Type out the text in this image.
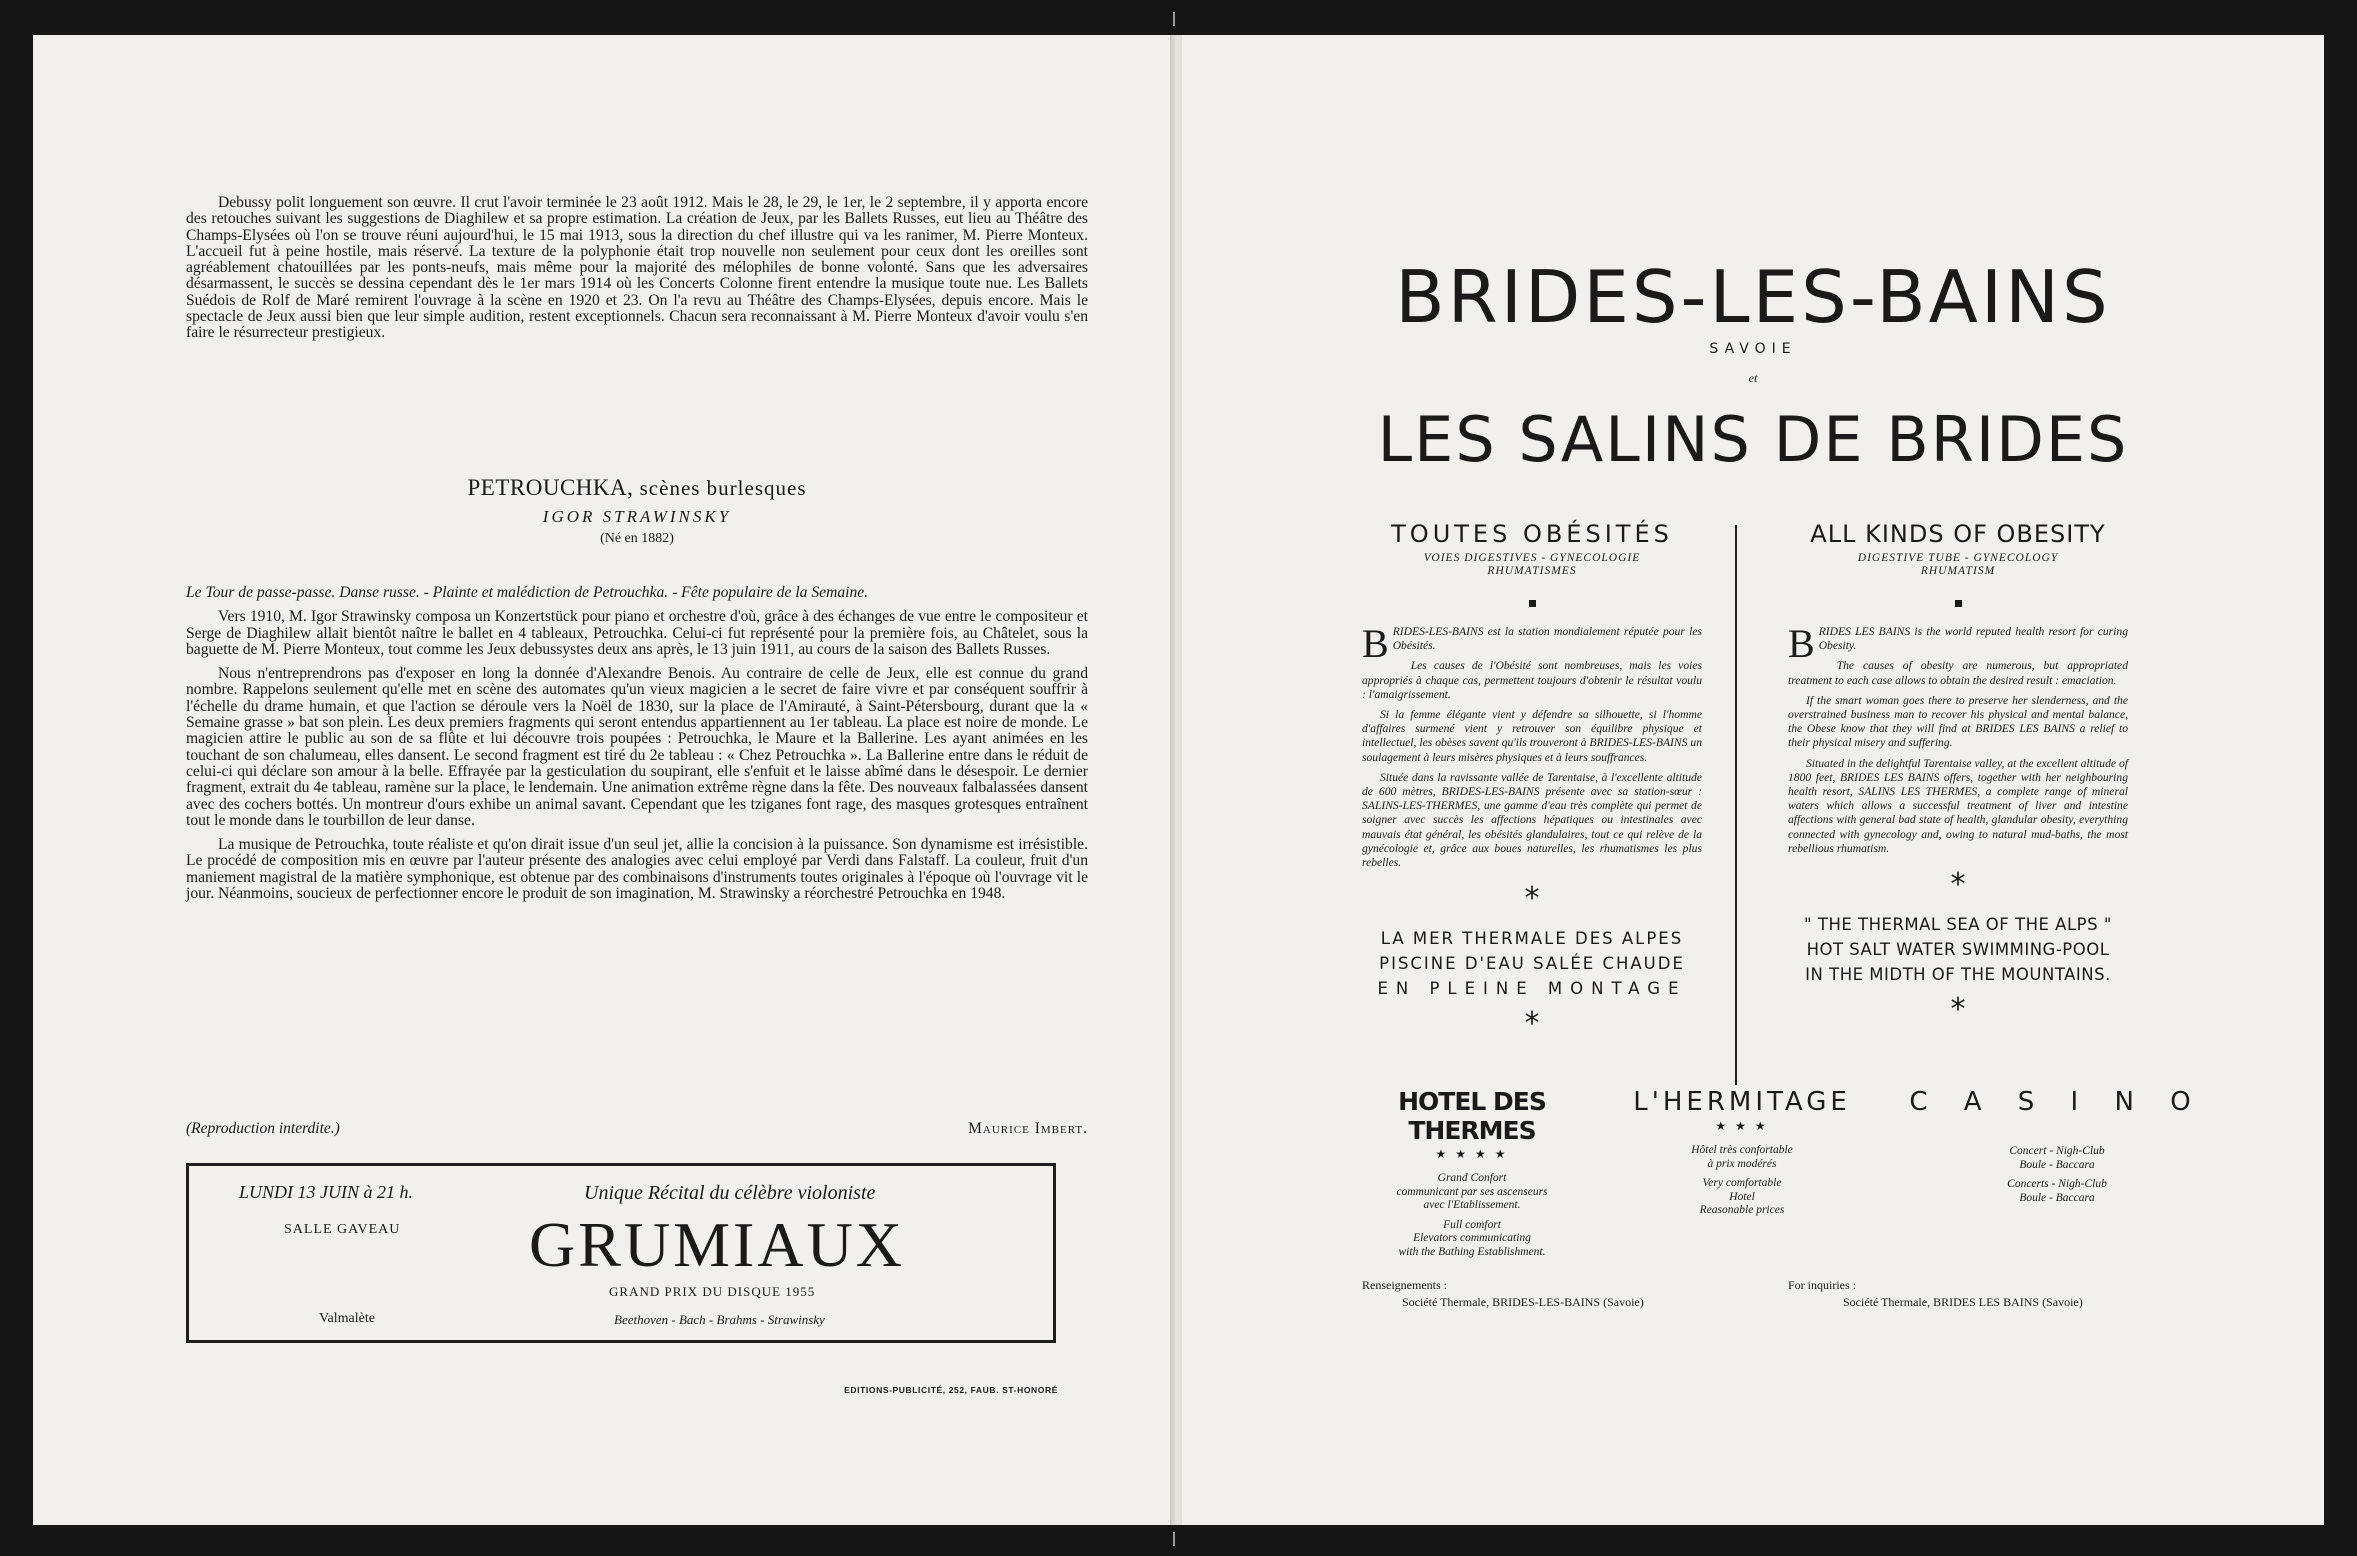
Debussy polit longuement son œuvre. Il crut l'avoir terminée le 23 août 1912. Mais le 28, le 29, le 1er, le 2 septembre, il y apporta encore des retouches suivant les suggestions de Diaghilew et sa propre estimation. La création de Jeux, par les Ballets Russes, eut lieu au Théâtre des Champs-Elysées où l'on se trouve réuni aujourd'hui, le 15 mai 1913, sous la direction du chef illustre qui va les ranimer, M. Pierre Monteux. L'accueil fut à peine hostile, mais réservé. La texture de la polyphonie était trop nouvelle non seulement pour ceux dont les oreilles sont agréablement chatouillées par les ponts-neufs, mais même pour la majorité des mélophiles de bonne volonté. Sans que les adversaires désarmassent, le succès se dessina cependant dès le 1er mars 1914 où les Concerts Colonne firent entendre la musique toute nue. Les Ballets Suédois de Rolf de Maré remirent l'ouvrage à la scène en 1920 et 23. On l'a revu au Théâtre des Champs-Elysées, depuis encore. Mais le spectacle de Jeux aussi bien que leur simple audition, restent exceptionnels. Chacun sera reconnaissant à M. Pierre Monteux d'avoir voulu s'en faire le résurrecteur prestigieux.

PETROUCHKA, scènes burlesques
IGOR STRAWINSKY
(Né en 1882)

Le Tour de passe-passe. Danse russe. - Plainte et malédiction de Petrouchka. - Fête populaire de la Semaine.

Vers 1910, M. Igor Strawinsky composa un Konzertstück pour piano et orchestre d'où, grâce à des échanges de vue entre le compositeur et Serge de Diaghilew allait bientôt naître le ballet en 4 tableaux, Petrouchka. Celui-ci fut représenté pour la première fois, au Châtelet, sous la baguette de M. Pierre Monteux, tout comme les Jeux debussystes deux ans après, le 13 juin 1911, au cours de la saison des Ballets Russes.

Nous n'entreprendrons pas d'exposer en long la donnée d'Alexandre Benois. Au contraire de celle de Jeux, elle est connue du grand nombre. Rappelons seulement qu'elle met en scène des automates qu'un vieux magicien a le secret de faire vivre et par conséquent souffrir à l'échelle du drame humain, et que l'action se déroule vers la Noël de 1830, sur la place de l'Amirauté, à Saint-Pétersbourg, durant que la « Semaine grasse » bat son plein. Les deux premiers fragments qui seront entendus appartiennent au 1er tableau. La place est noire de monde. Le magicien attire le public au son de sa flûte et lui découvre trois poupées : Petrouchka, le Maure et la Ballerine. Les ayant animées en les touchant de son chalumeau, elles dansent. Le second fragment est tiré du 2e tableau : « Chez Petrouchka ». La Ballerine entre dans le réduit de celui-ci qui déclare son amour à la belle. Effrayée par la gesticulation du soupirant, elle s'enfuit et le laisse abîmé dans le désespoir. Le dernier fragment, extrait du 4e tableau, ramène sur la place, le lendemain. Une animation extrême règne dans la fête. Des nouveaux falbalassées dansent avec des cochers bottés. Un montreur d'ours exhibe un animal savant. Cependant que les tziganes font rage, des masques grotesques entraînent tout le monde dans le tourbillon de leur danse.

La musique de Petrouchka, toute réaliste et qu'on dirait issue d'un seul jet, allie la concision à la puissance. Son dynamisme est irrésistible. Le procédé de composition mis en œuvre par l'auteur présente des analogies avec celui employé par Verdi dans Falstaff. La couleur, fruit d'un maniement magistral de la matière symphonique, est obtenue par des combinaisons d'instruments toutes originales à l'époque où l'ouvrage vit le jour. Néanmoins, soucieux de perfectionner encore le produit de son imagination, M. Strawinsky a réorchestré Petrouchka en 1948.

(Reproduction interdite.)	Maurice Imbert.
LUNDI 13 JUIN à 21 h.
SALLE GAVEAU
Valmalète
Unique Récital du célèbre violoniste
GRUMIAUX
GRAND PRIX DU DISQUE 1955
Beethoven - Bach - Brahms - Strawinsky
EDITIONS-PUBLICITÉ, 252, FAUB. ST-HONORÉ
BRIDES-LES-BAINS
SAVOIE
et
LES SALINS DE BRIDES
TOUTES OBÉSITÉS
VOIES DIGESTIVES - GYNECOLOGIE
RHUMATISMES

BRIDES-LES-BAINS est la station mondialement réputée pour les Obésités.

Les causes de l'Obésité sont nombreuses, mais les voies appropriés à chaque cas, permettent toujours d'obtenir le résultat voulu : l'amaigrissement.

Si la femme élégante vient y défendre sa silhouette, si l'homme d'affaires surmené vient y retrouver son équilibre physique et intellectuel, les obèses savent qu'ils trouveront à BRIDES-LES-BAINS un soulagement à leurs misères physiques et à leurs souffrances.

Située dans la ravissante vallée de Tarentaise, à l'excellente altitude de 600 mètres, BRIDES-LES-BAINS présente avec sa station-sœur : SALINS-LES-THERMES, une gamme d'eau très complète qui permet de soigner avec succès les affections hépatiques ou intestinales avec mauvais état général, les obésités glandulaires, tout ce qui relève de la gynécologie et, grâce aux boues naturelles, les rhumatismes les plus rebelles.

*
LA MER THERMALE DES ALPES
PISCINE D'EAU SALÉE CHAUDE
EN PLEINE MONTAGE
*
ALL KINDS OF OBESITY
DIGESTIVE TUBE - GYNECOLOGY
RHUMATISM

BRIDES LES BAINS is the world reputed health resort for curing Obesity.

The causes of obesity are numerous, but appropriated treatment to each case allows to obtain the desired result : emaciation.

If the smart woman goes there to preserve her slenderness, and the overstrained business man to recover his physical and mental balance, the Obese know that they will find at BRIDES LES BAINS a relief to their physical misery and suffering.

Situated in the delightful Tarentaise valley, at the excellent altitude of 1800 feet, BRIDES LES BAINS offers, together with her neighbouring health resort, SALINS LES THERMES, a complete range of mineral waters which allows a successful treatment of liver and intestine affections with general bad state of health, glandular obesity, everything connected with gynecology and, owing to natural mud-baths, the most rebellious rhumatism.

*
" THE THERMAL SEA OF THE ALPS "
HOT SALT WATER SWIMMING-POOL
IN THE MIDTH OF THE MOUNTAINS.
*
HOTEL DES THERMES
★ ★ ★ ★
Grand Confort
communicant par ses ascenseurs
avec l'Etablissement.
Full comfort
Elevators communicating
with the Bathing Establishment.
L'HERMITAGE
★ ★ ★
Hôtel très confortable
à prix modérés
Very comfortable
Hotel
Reasonable prices
C A S I N O
Concert - Nigh-Club
Boule - Baccara
Concerts - Nigh-Club
Boule - Baccara
Renseignements :
Société Thermale, BRIDES-LES-BAINS (Savoie)
For inquiries :
Société Thermale, BRIDES LES BAINS (Savoie)
